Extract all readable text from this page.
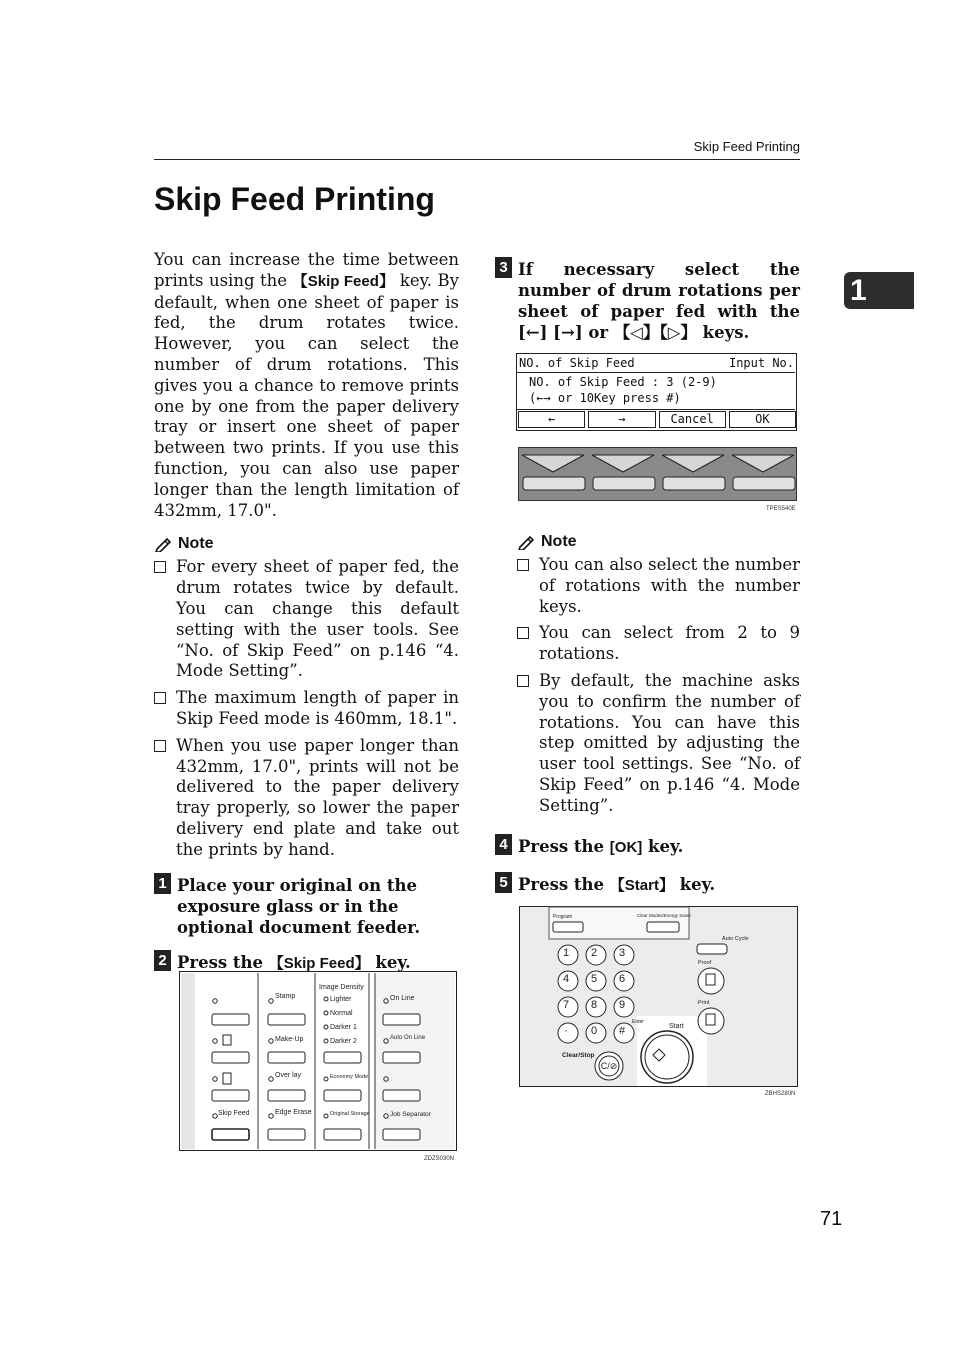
Skip Feed Printing
Skip Feed Printing
1

You can increase the time between prints using the 【Skip Feed】 key. By default, when one sheet of paper is fed, the drum rotates twice. However, you can select the number of drum rotations. This gives you a chance to remove prints one by one from the paper delivery tray or insert one sheet of paper between two prints. If you use this function, you can also use paper longer than the length limitation of 432mm, 17.0".

Note
For every sheet of paper fed, the drum rotates twice by default. You can change this default setting with the user tools. See “No. of Skip Feed” on p.146 “4. Mode Setting”.
The maximum length of paper in Skip Feed mode is 460mm, 18.1".
When you use paper longer than 432mm, 17.0", prints will not be delivered to the paper delivery tray properly, so lower the paper delivery end plate and take out the prints by hand.
1 Place your original on the exposure glass or in the optional document feeder.
2 Press the 【Skip Feed】 key.
Skip Feed
Stamp
Make-Up
Over lay
Edge Erase
Image Density
Lighter
Normal
Darker 1
Darker 2
Economy Mode
Original Storage
On Line
Auto On Line
Job Separator
ZDZS030N
3 If necessary select the number of drum rotations per sheet of paper fed with the [←] [→] or 【◁】【▷】 keys.
NO. of Skip Feed	Input No.
NO. of Skip Feed : 3 (2-9)
(←→ or 10Key press #)
←	→	Cancel	OK
TPES540E
Note
You can also select the number of rotations with the number keys.
You can select from 2 to 9 rotations.
By default, the machine asks you to confirm the number of rotations. You can have this step omitted by adjusting the user tool settings. See “No. of Skip Feed” on p.146 “4. Mode Setting”.
4 Press the [OK] key.
5 Press the 【Start】 key.
Program	Clear Modes/Energy Saver
1 2 3
4 5 6
7 8 9
· 0 #
Enter
Clear/Stop
C/⊘
Start
Auto Cycle
Proof
Print
ZBHS280N
71
